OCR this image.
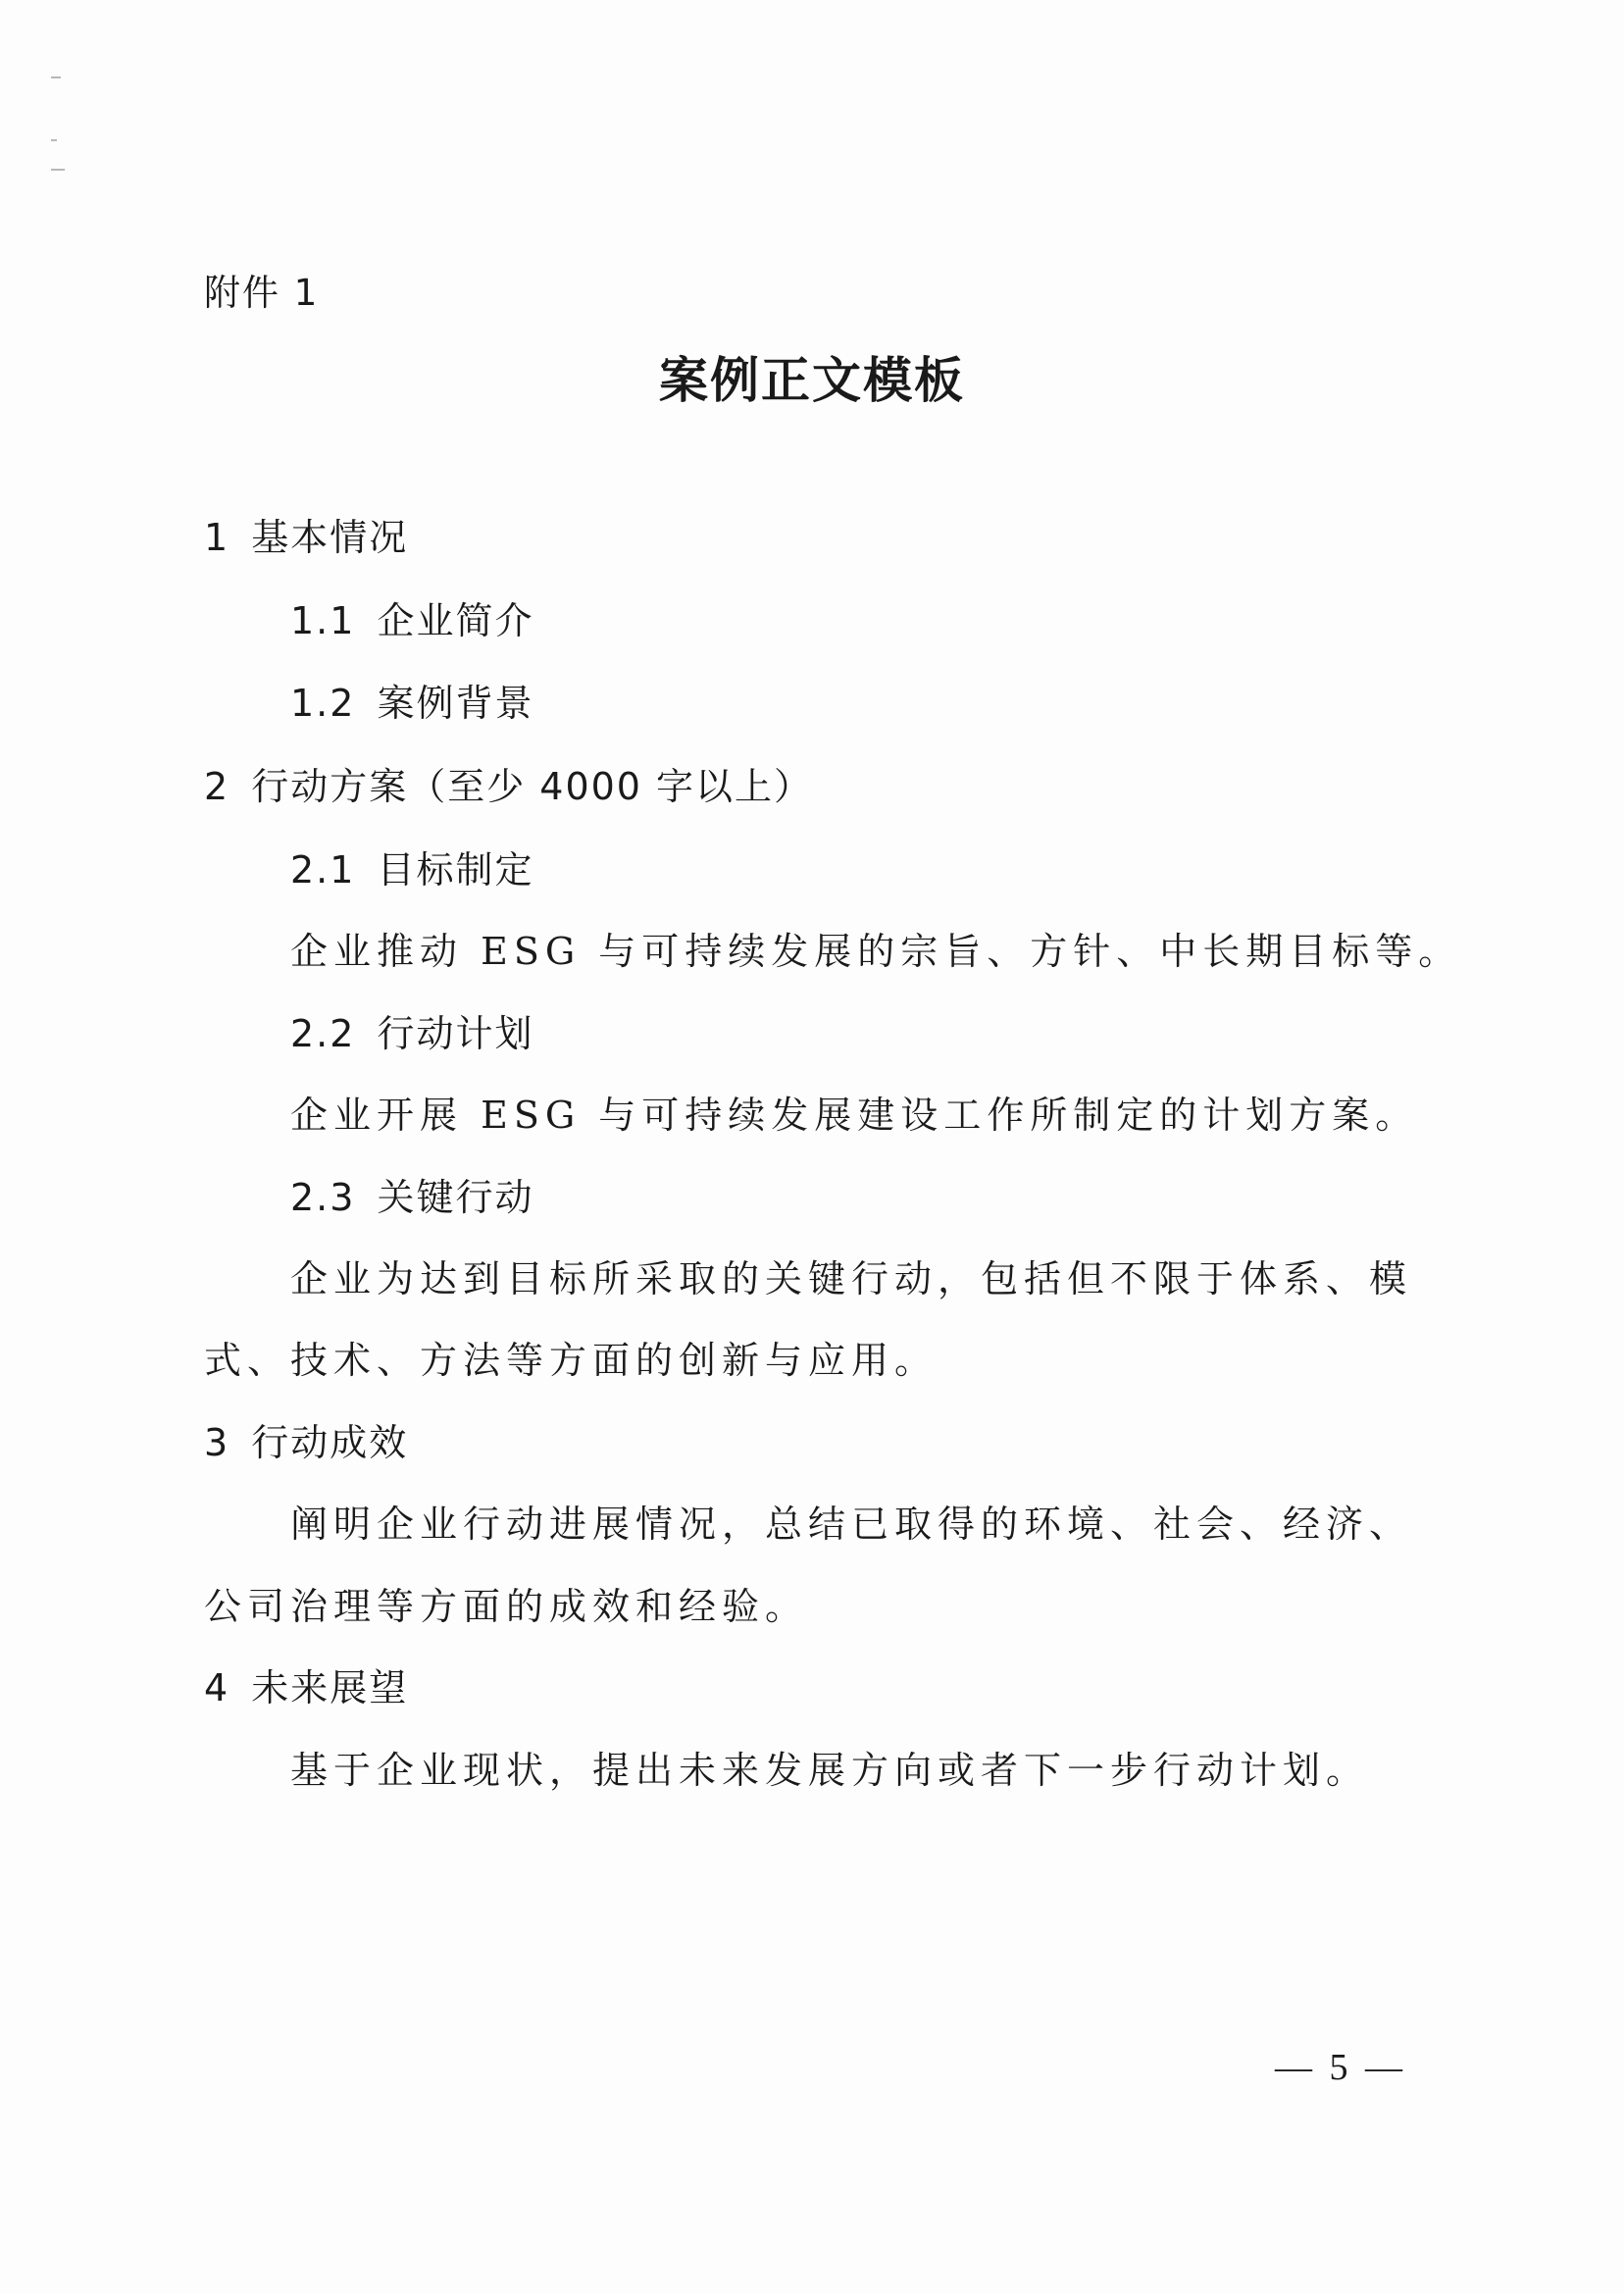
附件 1
案例正文模板
1 基本情况
1.1 企业简介
1.2 案例背景
2 行动方案（至少 4000 字以上）
2.1 目标制定
企业推动 ESG 与可持续发展的宗旨、方针、中长期目标等。
2.2 行动计划
企业开展 ESG 与可持续发展建设工作所制定的计划方案。
2.3 关键行动
企业为达到目标所采取的关键行动，包括但不限于体系、模
式、技术、方法等方面的创新与应用。
3 行动成效
阐明企业行动进展情况，总结已取得的环境、社会、经济、
公司治理等方面的成效和经验。
4 未来展望
基于企业现状，提出未来发展方向或者下一步行动计划。
— 5 —
